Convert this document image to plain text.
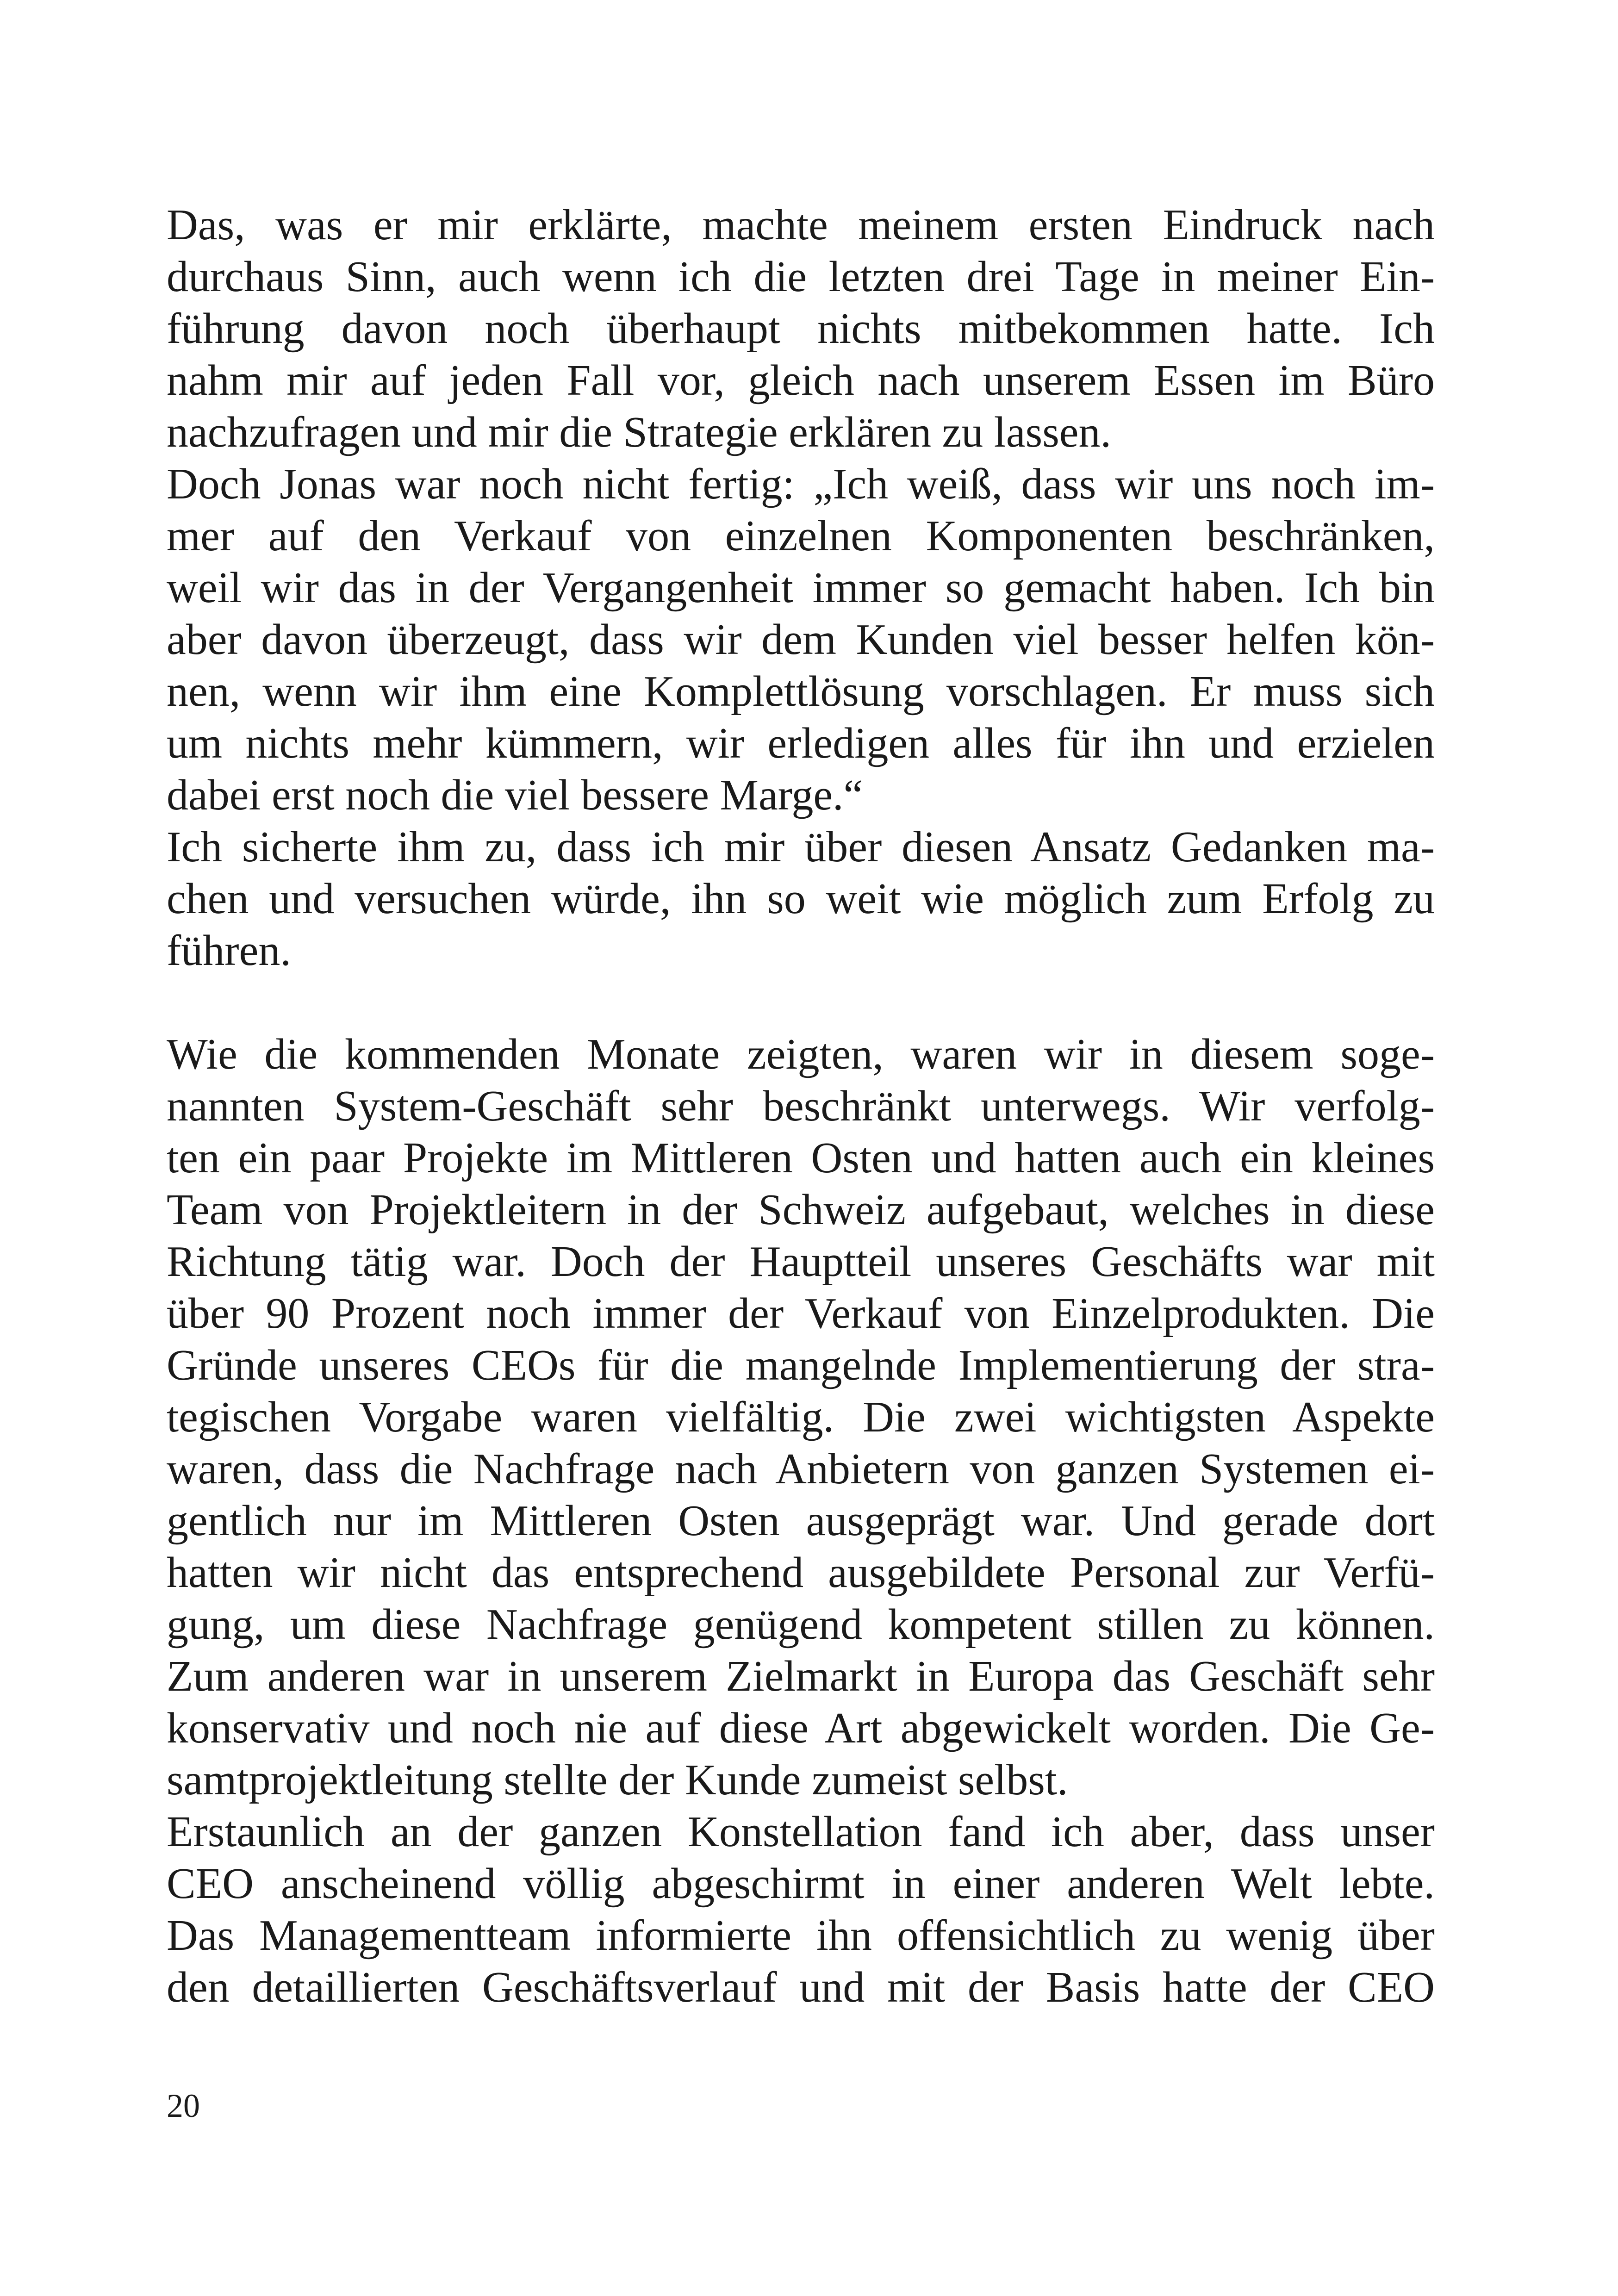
Das, was er mir erklärte, machte meinem ersten Eindruck nach
durchaus Sinn, auch wenn ich die letzten drei Tage in meiner Ein-
führung davon noch überhaupt nichts mitbekommen hatte. Ich
nahm mir auf jeden Fall vor, gleich nach unserem Essen im Büro
nachzufragen und mir die Strategie erklären zu lassen.
Doch Jonas war noch nicht fertig: „Ich weiß, dass wir uns noch im-
mer auf den Verkauf von einzelnen Komponenten beschränken,
weil wir das in der Vergangenheit immer so gemacht haben. Ich bin
aber davon überzeugt, dass wir dem Kunden viel besser helfen kön-
nen, wenn wir ihm eine Komplettlösung vorschlagen. Er muss sich
um nichts mehr kümmern, wir erledigen alles für ihn und erzielen
dabei erst noch die viel bessere Marge.“
Ich sicherte ihm zu, dass ich mir über diesen Ansatz Gedanken ma-
chen und versuchen würde, ihn so weit wie möglich zum Erfolg zu
führen.
Wie die kommenden Monate zeigten, waren wir in diesem soge-
nannten System-Geschäft sehr beschränkt unterwegs. Wir verfolg-
ten ein paar Projekte im Mittleren Osten und hatten auch ein kleines
Team von Projektleitern in der Schweiz aufgebaut, welches in diese
Richtung tätig war. Doch der Hauptteil unseres Geschäfts war mit
über 90 Prozent noch immer der Verkauf von Einzelprodukten. Die
Gründe unseres CEOs für die mangelnde Implementierung der stra-
tegischen Vorgabe waren vielfältig. Die zwei wichtigsten Aspekte
waren, dass die Nachfrage nach Anbietern von ganzen Systemen ei-
gentlich nur im Mittleren Osten ausgeprägt war. Und gerade dort
hatten wir nicht das entsprechend ausgebildete Personal zur Verfü-
gung, um diese Nachfrage genügend kompetent stillen zu können.
Zum anderen war in unserem Zielmarkt in Europa das Geschäft sehr
konservativ und noch nie auf diese Art abgewickelt worden. Die Ge-
samtprojektleitung stellte der Kunde zumeist selbst.
Erstaunlich an der ganzen Konstellation fand ich aber, dass unser
CEO anscheinend völlig abgeschirmt in einer anderen Welt lebte.
Das Managementteam informierte ihn offensichtlich zu wenig über
den detaillierten Geschäftsverlauf und mit der Basis hatte der CEO
20
